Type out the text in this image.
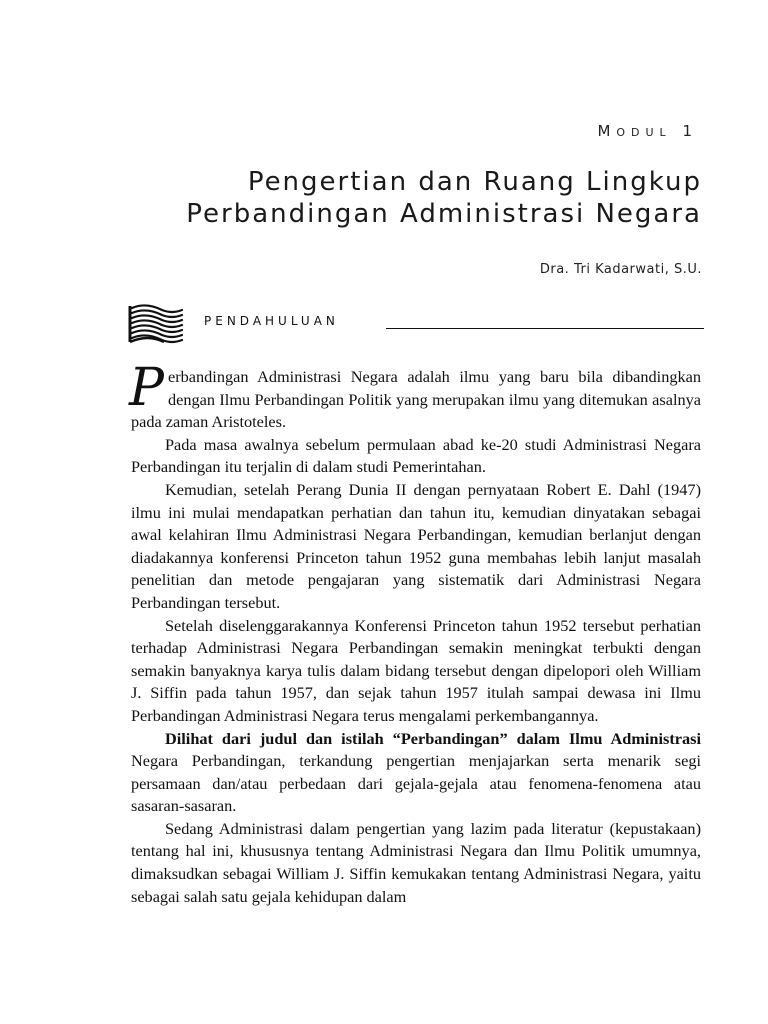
Modul 1
Pengertian dan Ruang Lingkup
Perbandingan Administrasi Negara
Dra. Tri Kadarwati, S.U.
PENDAHULUAN

Perbandingan Administrasi Negara adalah ilmu yang baru bila dibandingkan dengan Ilmu Perbandingan Politik yang merupakan ilmu yang ditemukan asalnya pada zaman Aristoteles.

Pada masa awalnya sebelum permulaan abad ke-20 studi Administrasi Negara Perbandingan itu terjalin di dalam studi Pemerintahan.

Kemudian, setelah Perang Dunia II dengan pernyataan Robert E. Dahl (1947) ilmu ini mulai mendapatkan perhatian dan tahun itu, kemudian dinyatakan sebagai awal kelahiran Ilmu Administrasi Negara Perbandingan, kemudian berlanjut dengan diadakannya konferensi Princeton tahun 1952 guna membahas lebih lanjut masalah penelitian dan metode pengajaran yang sistematik dari Administrasi Negara Perbandingan tersebut.

Setelah diselenggarakannya Konferensi Princeton tahun 1952 tersebut perhatian terhadap Administrasi Negara Perbandingan semakin meningkat terbukti dengan semakin banyaknya karya tulis dalam bidang tersebut dengan dipelopori oleh William J. Siffin pada tahun 1957, dan sejak tahun 1957 itulah sampai dewasa ini Ilmu Perbandingan Administrasi Negara terus mengalami perkembangannya.

Dilihat dari judul dan istilah “Perbandingan” dalam Ilmu Administrasi Negara Perbandingan, terkandung pengertian menjajarkan serta menarik segi persamaan dan/atau perbedaan dari gejala-gejala atau fenomena-fenomena atau sasaran-sasaran.

Sedang Administrasi dalam pengertian yang lazim pada literatur (kepustakaan) tentang hal ini, khususnya tentang Administrasi Negara dan Ilmu Politik umumnya, dimaksudkan sebagai William J. Siffin kemukakan tentang Administrasi Negara, yaitu sebagai salah satu gejala kehidupan dalam
